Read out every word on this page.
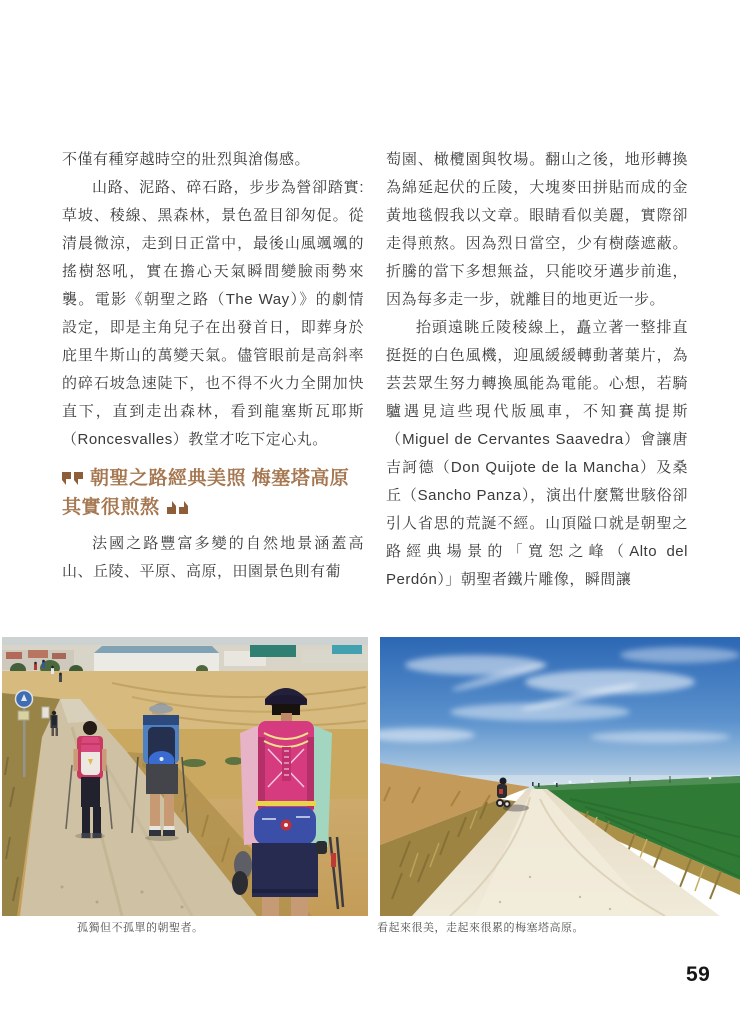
不僅有種穿越時空的壯烈與滄傷感。

山路、泥路、碎石路，步步為營卻踏實:草坡、稜線、黑森林，景色盈目卻匆促。從清晨微涼，走到日正當中，最後山風颯颯的搖樹怒吼，實在擔心天氣瞬間變臉雨勢來襲。電影《朝聖之路（The Way）》的劇情設定，即是主角兒子在出發首日，即葬身於庇里牛斯山的萬變天氣。儘管眼前是高斜率的碎石坡急速陡下，也不得不火力全開加快直下，直到走出森林，看到龍塞斯瓦耶斯（Roncesvalles）教堂才吃下定心丸。

朝聖之路經典美照 梅塞塔高原其實很煎熬

法國之路豐富多變的自然地景涵蓋高山、丘陵、平原、高原，田園景色則有葡

萄園、橄欖園與牧場。翻山之後，地形轉換為綿延起伏的丘陵，大塊麥田拼貼而成的金黃地毯假我以文章。眼睛看似美麗，實際卻走得煎熬。因為烈日當空，少有樹蔭遮蔽。折騰的當下多想無益，只能咬牙邁步前進，因為每多走一步，就離目的地更近一步。

抬頭遠眺丘陵稜線上，矗立著一整排直挺挺的白色風機，迎風緩緩轉動著葉片，為芸芸眾生努力轉換風能為電能。心想，若騎驢遇見這些現代版風車，不知賽萬提斯（Miguel de Cervantes Saavedra）會讓唐吉訶德（Don Quijote de la Mancha）及桑丘（Sancho Panza），演出什麼驚世駭俗卻引人省思的荒誕不經。山頂隘口就是朝聖之路經典場景的「寬恕之峰（Alto del Perdón）」朝聖者鐵片雕像，瞬間讓

孤獨但不孤單的朝聖者。	看起來很美，走起來很累的梅塞塔高原。
59
